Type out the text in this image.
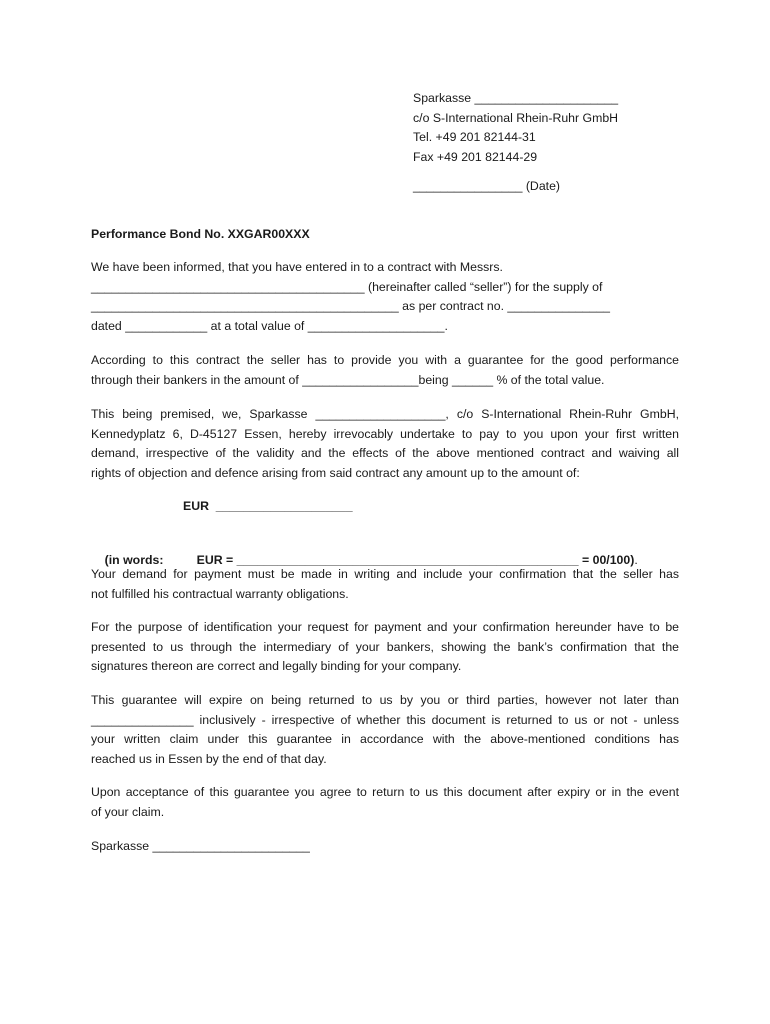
Sparkasse _____________________
c/o S-International Rhein-Ruhr GmbH
Tel. +49 201 82144-31
Fax +49 201 82144-29
________________ (Date)
Performance Bond No. XXGAR00XXX
We have been informed, that you have entered in to a contract with Messrs.
________________________________________ (hereinafter called “seller”) for the supply of
_____________________________________________ as per contract no. _______________
dated ____________ at a total value of ____________________.
According to this contract the seller has to provide you with a guarantee for the good performance
through their bankers in the amount of _________________being ______ % of the total value.
This being premised, we, Sparkasse ___________________, c/o S-International Rhein-Ruhr GmbH,
Kennedyplatz 6, D-45127 Essen, hereby irrevocably undertake to pay to you upon your first written
demand, irrespective of the validity and the effects of the above mentioned contract and waiving all
rights of objection and defence arising from said contract any amount up to the amount of:
EUR  ____________________

(in words:	EUR = __________________________________________________ = 00/100).

Your demand for payment must be made in writing and include your confirmation that the seller has
not fulfilled his contractual warranty obligations.
For the purpose of identification your request for payment and your confirmation hereunder have to be
presented to us through the intermediary of your bankers, showing the bank’s confirmation that the
signatures thereon are correct and legally binding for your company.
This guarantee will expire on being returned to us by you or third parties, however not later than
_______________ inclusively - irrespective of whether this document is returned to us or not - unless
your written claim under this guarantee in accordance with the above-mentioned conditions has
reached us in Essen by the end of that day.
Upon acceptance of this guarantee you agree to return to us this document after expiry or in the event
of your claim.
Sparkasse _______________________
